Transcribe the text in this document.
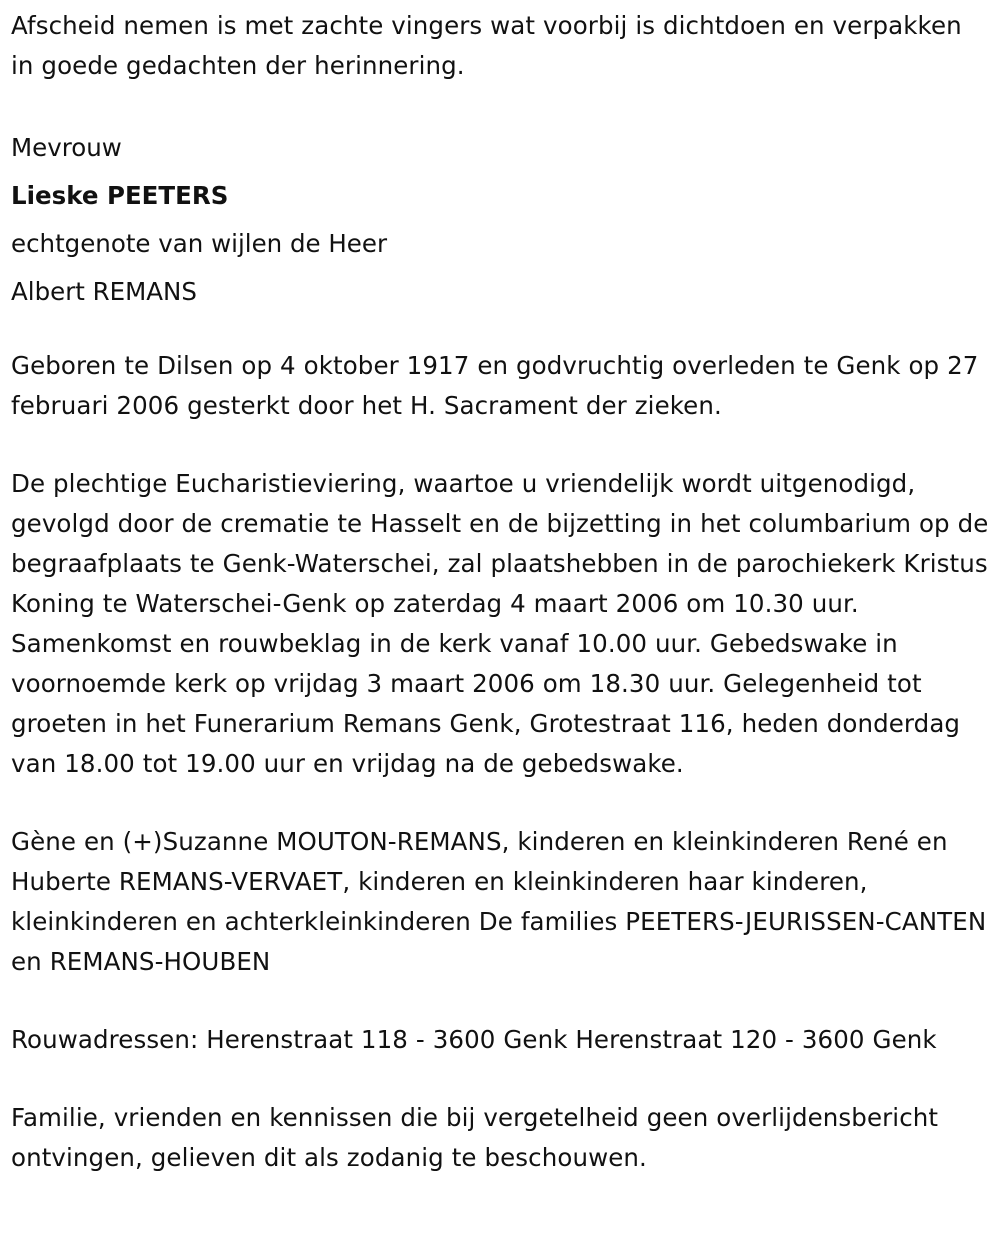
Afscheid nemen is met zachte vingers wat voorbij is dichtdoen en verpakken in goede gedachten der herinnering.

Mevrouw

Lieske PEETERS

echtgenote van wijlen de Heer

Albert REMANS

Geboren te Dilsen op 4 oktober 1917 en godvruchtig overleden te Genk op 27 februari 2006 gesterkt door het H. Sacrament der zieken.

De plechtige Eucharistieviering, waartoe u vriendelijk wordt uitgenodigd, gevolgd door de crematie te Hasselt en de bijzetting in het columbarium op de begraafplaats te Genk-Waterschei, zal plaatshebben in de parochiekerk Kristus Koning te Waterschei-Genk op zaterdag 4 maart 2006 om 10.30 uur. Samenkomst en rouwbeklag in de kerk vanaf 10.00 uur. Gebedswake in voornoemde kerk op vrijdag 3 maart 2006 om 18.30 uur. Gelegenheid tot groeten in het Funerarium Remans Genk, Grotestraat 116, heden donderdag van 18.00 tot 19.00 uur en vrijdag na de gebedswake.

Gène en (+)Suzanne MOUTON-REMANS, kinderen en kleinkinderen René en Huberte REMANS-VERVAET, kinderen en kleinkinderen haar kinderen, kleinkinderen en achterkleinkinderen De families PEETERS-JEURISSEN-CANTEN en REMANS-HOUBEN

Rouwadressen: Herenstraat 118 - 3600 Genk Herenstraat 120 - 3600 Genk

Familie, vrienden en kennissen die bij vergetelheid geen overlijdensbericht ontvingen, gelieven dit als zodanig te beschouwen.
